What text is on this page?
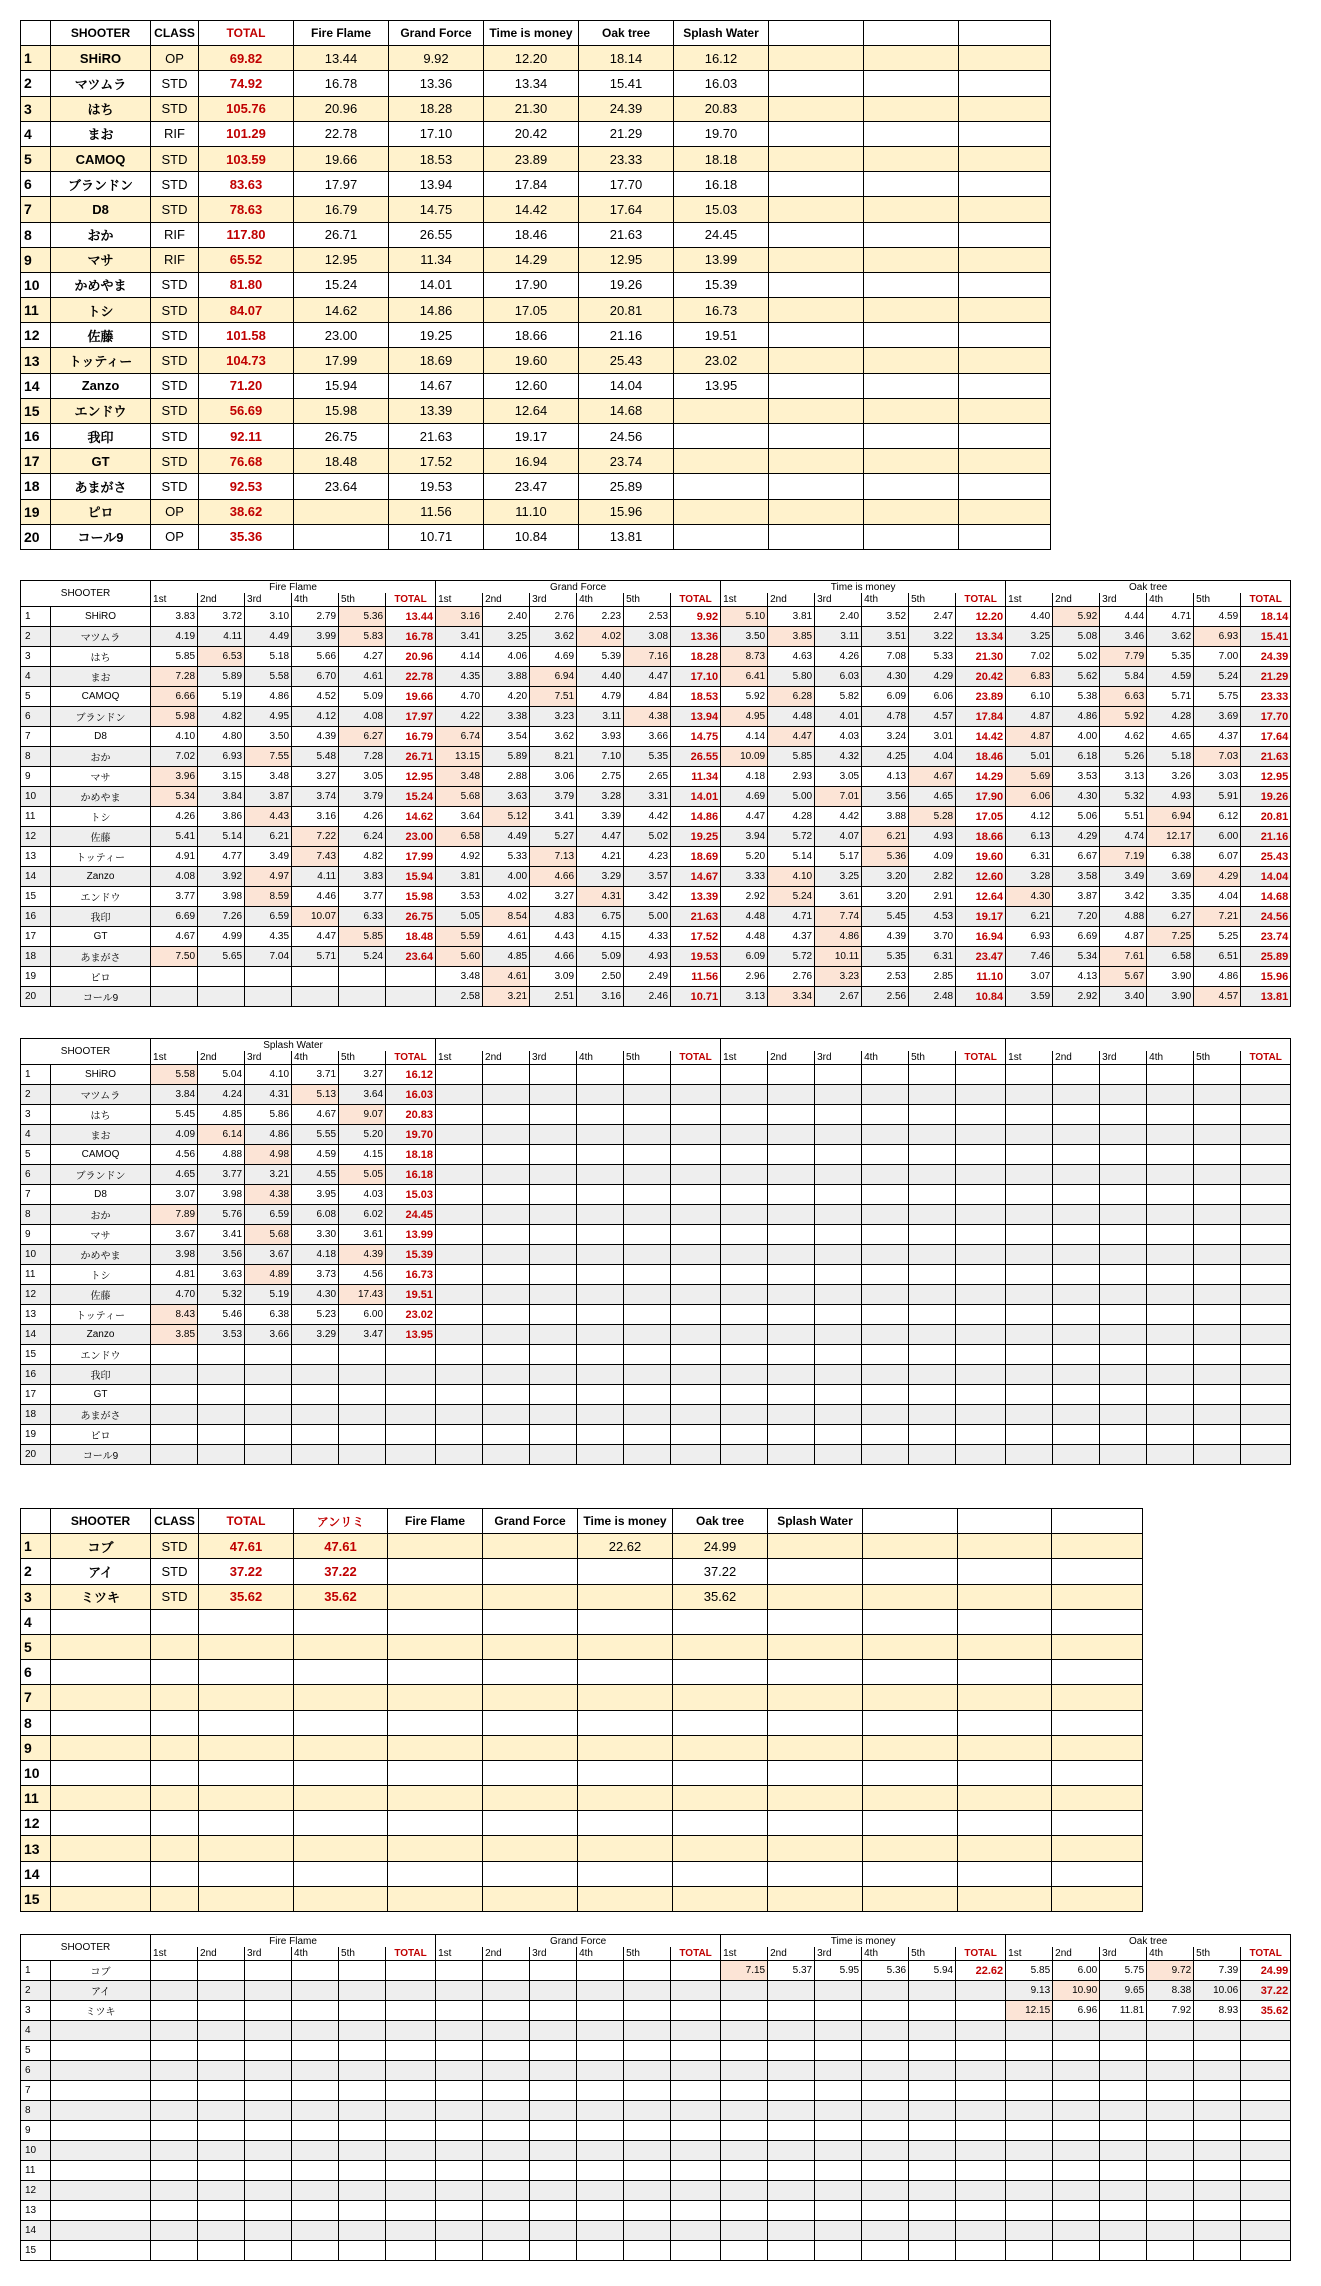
	SHOOTER	CLASS	TOTAL	Fire Flame	Grand Force	Time is money	Oak tree	Splash Water			
1	SHiRO	OP	69.82	13.44	9.92	12.20	18.14	16.12			
2	マツムラ	STD	74.92	16.78	13.36	13.34	15.41	16.03			
3	はち	STD	105.76	20.96	18.28	21.30	24.39	20.83			
4	まお	RIF	101.29	22.78	17.10	20.42	21.29	19.70			
5	CAMOQ	STD	103.59	19.66	18.53	23.89	23.33	18.18			
6	ブランドン	STD	83.63	17.97	13.94	17.84	17.70	16.18			
7	D8	STD	78.63	16.79	14.75	14.42	17.64	15.03			
8	おか	RIF	117.80	26.71	26.55	18.46	21.63	24.45			
9	マサ	RIF	65.52	12.95	11.34	14.29	12.95	13.99			
10	かめやま	STD	81.80	15.24	14.01	17.90	19.26	15.39			
11	トシ	STD	84.07	14.62	14.86	17.05	20.81	16.73			
12	佐藤	STD	101.58	23.00	19.25	18.66	21.16	19.51			
13	トッティー	STD	104.73	17.99	18.69	19.60	25.43	23.02			
14	Zanzo	STD	71.20	15.94	14.67	12.60	14.04	13.95			
15	エンドウ	STD	56.69	15.98	13.39	12.64	14.68				
16	我印	STD	92.11	26.75	21.63	19.17	24.56				
17	GT	STD	76.68	18.48	17.52	16.94	23.74				
18	あまがさ	STD	92.53	23.64	19.53	23.47	25.89				
19	ピロ	OP	38.62		11.56	11.10	15.96				
20	コール9	OP	35.36		10.71	10.84	13.81				
SHOOTER		Fire Flame						Grand Force						Time is money						Oak tree					
		1st	2nd	3rd	4th	5th	TOTAL	1st	2nd	3rd	4th	5th	TOTAL	1st	2nd	3rd	4th	5th	TOTAL	1st	2nd	3rd	4th	5th	TOTAL
1	SHiRO	3.83	3.72	3.10	2.79	5.36	13.44	3.16	2.40	2.76	2.23	2.53	9.92	5.10	3.81	2.40	3.52	2.47	12.20	4.40	5.92	4.44	4.71	4.59	18.14
2	マツムラ	4.19	4.11	4.49	3.99	5.83	16.78	3.41	3.25	3.62	4.02	3.08	13.36	3.50	3.85	3.11	3.51	3.22	13.34	3.25	5.08	3.46	3.62	6.93	15.41
3	はち	5.85	6.53	5.18	5.66	4.27	20.96	4.14	4.06	4.69	5.39	7.16	18.28	8.73	4.63	4.26	7.08	5.33	21.30	7.02	5.02	7.79	5.35	7.00	24.39
4	まお	7.28	5.89	5.58	6.70	4.61	22.78	4.35	3.88	6.94	4.40	4.47	17.10	6.41	5.80	6.03	4.30	4.29	20.42	6.83	5.62	5.84	4.59	5.24	21.29
5	CAMOQ	6.66	5.19	4.86	4.52	5.09	19.66	4.70	4.20	7.51	4.79	4.84	18.53	5.92	6.28	5.82	6.09	6.06	23.89	6.10	5.38	6.63	5.71	5.75	23.33
6	ブランドン	5.98	4.82	4.95	4.12	4.08	17.97	4.22	3.38	3.23	3.11	4.38	13.94	4.95	4.48	4.01	4.78	4.57	17.84	4.87	4.86	5.92	4.28	3.69	17.70
7	D8	4.10	4.80	3.50	4.39	6.27	16.79	6.74	3.54	3.62	3.93	3.66	14.75	4.14	4.47	4.03	3.24	3.01	14.42	4.87	4.00	4.62	4.65	4.37	17.64
8	おか	7.02	6.93	7.55	5.48	7.28	26.71	13.15	5.89	8.21	7.10	5.35	26.55	10.09	5.85	4.32	4.25	4.04	18.46	5.01	6.18	5.26	5.18	7.03	21.63
9	マサ	3.96	3.15	3.48	3.27	3.05	12.95	3.48	2.88	3.06	2.75	2.65	11.34	4.18	2.93	3.05	4.13	4.67	14.29	5.69	3.53	3.13	3.26	3.03	12.95
10	かめやま	5.34	3.84	3.87	3.74	3.79	15.24	5.68	3.63	3.79	3.28	3.31	14.01	4.69	5.00	7.01	3.56	4.65	17.90	6.06	4.30	5.32	4.93	5.91	19.26
11	トシ	4.26	3.86	4.43	3.16	4.26	14.62	3.64	5.12	3.41	3.39	4.42	14.86	4.47	4.28	4.42	3.88	5.28	17.05	4.12	5.06	5.51	6.94	6.12	20.81
12	佐藤	5.41	5.14	6.21	7.22	6.24	23.00	6.58	4.49	5.27	4.47	5.02	19.25	3.94	5.72	4.07	6.21	4.93	18.66	6.13	4.29	4.74	12.17	6.00	21.16
13	トッティー	4.91	4.77	3.49	7.43	4.82	17.99	4.92	5.33	7.13	4.21	4.23	18.69	5.20	5.14	5.17	5.36	4.09	19.60	6.31	6.67	7.19	6.38	6.07	25.43
14	Zanzo	4.08	3.92	4.97	4.11	3.83	15.94	3.81	4.00	4.66	3.29	3.57	14.67	3.33	4.10	3.25	3.20	2.82	12.60	3.28	3.58	3.49	3.69	4.29	14.04
15	エンドウ	3.77	3.98	8.59	4.46	3.77	15.98	3.53	4.02	3.27	4.31	3.42	13.39	2.92	5.24	3.61	3.20	2.91	12.64	4.30	3.87	3.42	3.35	4.04	14.68
16	我印	6.69	7.26	6.59	10.07	6.33	26.75	5.05	8.54	4.83	6.75	5.00	21.63	4.48	4.71	7.74	5.45	4.53	19.17	6.21	7.20	4.88	6.27	7.21	24.56
17	GT	4.67	4.99	4.35	4.47	5.85	18.48	5.59	4.61	4.43	4.15	4.33	17.52	4.48	4.37	4.86	4.39	3.70	16.94	6.93	6.69	4.87	7.25	5.25	23.74
18	あまがさ	7.50	5.65	7.04	5.71	5.24	23.64	5.60	4.85	4.66	5.09	4.93	19.53	6.09	5.72	10.11	5.35	6.31	23.47	7.46	5.34	7.61	6.58	6.51	25.89
19	ピロ							3.48	4.61	3.09	2.50	2.49	11.56	2.96	2.76	3.23	2.53	2.85	11.10	3.07	4.13	5.67	3.90	4.86	15.96
20	コール9							2.58	3.21	2.51	3.16	2.46	10.71	3.13	3.34	2.67	2.56	2.48	10.84	3.59	2.92	3.40	3.90	4.57	13.81
SHOOTER		Splash Water																							
		1st	2nd	3rd	4th	5th	TOTAL	1st	2nd	3rd	4th	5th	TOTAL	1st	2nd	3rd	4th	5th	TOTAL	1st	2nd	3rd	4th	5th	TOTAL
1	SHiRO	5.58	5.04	4.10	3.71	3.27	16.12																		
2	マツムラ	3.84	4.24	4.31	5.13	3.64	16.03																		
3	はち	5.45	4.85	5.86	4.67	9.07	20.83																		
4	まお	4.09	6.14	4.86	5.55	5.20	19.70																		
5	CAMOQ	4.56	4.88	4.98	4.59	4.15	18.18																		
6	ブランドン	4.65	3.77	3.21	4.55	5.05	16.18																		
7	D8	3.07	3.98	4.38	3.95	4.03	15.03																		
8	おか	7.89	5.76	6.59	6.08	6.02	24.45																		
9	マサ	3.67	3.41	5.68	3.30	3.61	13.99																		
10	かめやま	3.98	3.56	3.67	4.18	4.39	15.39																		
11	トシ	4.81	3.63	4.89	3.73	4.56	16.73																		
12	佐藤	4.70	5.32	5.19	4.30	17.43	19.51																		
13	トッティー	8.43	5.46	6.38	5.23	6.00	23.02																		
14	Zanzo	3.85	3.53	3.66	3.29	3.47	13.95																		
15	エンドウ																								
16	我印																								
17	GT																								
18	あまがさ																								
19	ピロ																								
20	コール9																								
	SHOOTER	CLASS	TOTAL	アンリミ	Fire Flame	Grand Force	Time is money	Oak tree	Splash Water				
1	コブ	STD	47.61	47.61			22.62	24.99					
2	アイ	STD	37.22	37.22				37.22					
3	ミツキ	STD	35.62	35.62				35.62					
4													
5													
6													
7													
8													
9													
10													
11													
12													
13													
14													
15													
SHOOTER		Fire Flame						Grand Force						Time is money						Oak tree					
		1st	2nd	3rd	4th	5th	TOTAL	1st	2nd	3rd	4th	5th	TOTAL	1st	2nd	3rd	4th	5th	TOTAL	1st	2nd	3rd	4th	5th	TOTAL
1	コブ													7.15	5.37	5.95	5.36	5.94	22.62	5.85	6.00	5.75	9.72	7.39	24.99
2	アイ																			9.13	10.90	9.65	8.38	10.06	37.22
3	ミツキ																			12.15	6.96	11.81	7.92	8.93	35.62
4																									
5																									
6																									
7																									
8																									
9																									
10																									
11																									
12																									
13																									
14																									
15																									
